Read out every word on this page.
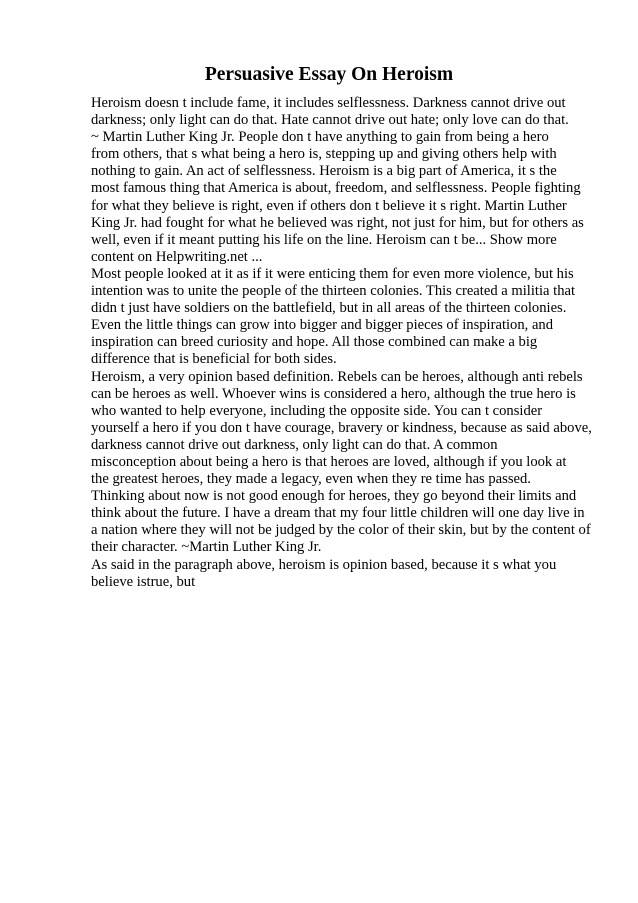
Persuasive Essay On Heroism
Heroism doesn t include fame, it includes selflessness. Darkness cannot drive out
darkness; only light can do that. Hate cannot drive out hate; only love can do that.
~ Martin Luther King Jr. People don t have anything to gain from being a hero
from others, that s what being a hero is, stepping up and giving others help with
nothing to gain. An act of selflessness. Heroism is a big part of America, it s the
most famous thing that America is about, freedom, and selflessness. People fighting
for what they believe is right, even if others don t believe it s right. Martin Luther
King Jr. had fought for what he believed was right, not just for him, but for others as
well, even if it meant putting his life on the line. Heroism can t be... Show more
content on Helpwriting.net ...
Most people looked at it as if it were enticing them for even more violence, but his
intention was to unite the people of the thirteen colonies. This created a militia that
didn t just have soldiers on the battlefield, but in all areas of the thirteen colonies.
Even the little things can grow into bigger and bigger pieces of inspiration, and
inspiration can breed curiosity and hope. All those combined can make a big
difference that is beneficial for both sides.
Heroism, a very opinion based definition. Rebels can be heroes, although anti rebels
can be heroes as well. Whoever wins is considered a hero, although the true hero is
who wanted to help everyone, including the opposite side. You can t consider
yourself a hero if you don t have courage, bravery or kindness, because as said above,
darkness cannot drive out darkness, only light can do that. A common
misconception about being a hero is that heroes are loved, although if you look at
the greatest heroes, they made a legacy, even when they re time has passed.
Thinking about now is not good enough for heroes, they go beyond their limits and
think about the future. I have a dream that my four little children will one day live in
a nation where they will not be judged by the color of their skin, but by the content of
their character. ~Martin Luther King Jr.
As said in the paragraph above, heroism is opinion based, because it s what you
believe istrue, but
